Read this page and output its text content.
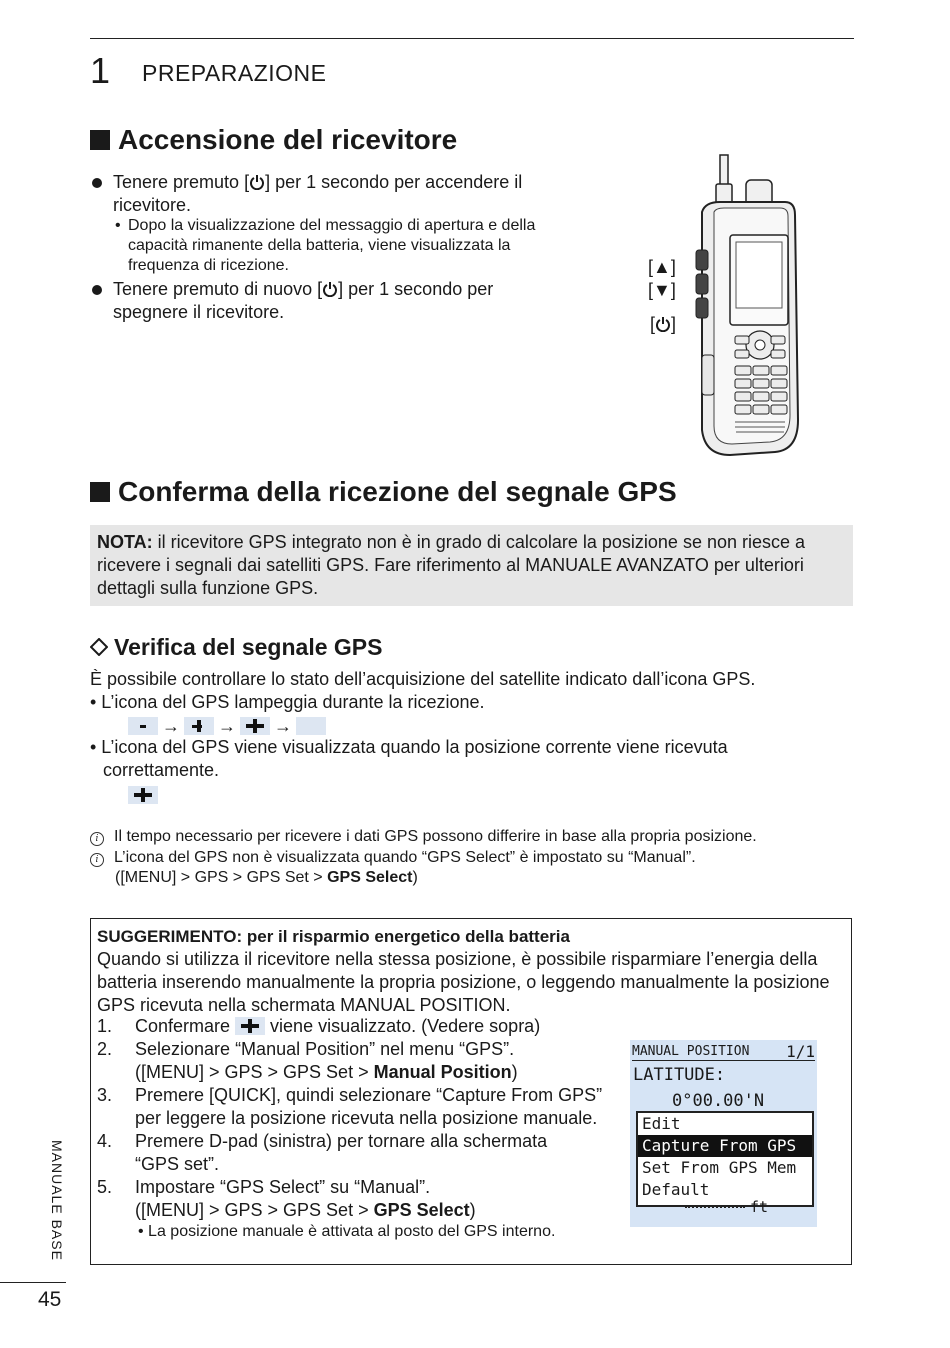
1 PREPARAZIONE
Accensione del ricevitore
Tenere premuto [ ] per 1 secondo per accendere il ricevitore.
• Dopo la visualizzazione del messaggio di apertura e della capacità rimanente della batteria, viene visualizzata la frequenza di ricezione.
Tenere premuto di nuovo [ ] per 1 secondo per spegnere il ricevitore.
[▲]
[▼]
[ ]
Conferma della ricezione del segnale GPS
NOTA: il ricevitore GPS integrato non è in grado di calcolare la posizione se non riesce a ricevere i segnali dai satelliti GPS. Fare riferimento al MANUALE AVANZATO per ulteriori dettagli sulla funzione GPS.
Verifica del segnale GPS
È possibile controllare lo stato dell’acquisizione del satellite indicato dall’icona GPS.
• L’icona del GPS lampeggia durante la ricezione.
→ → →
• L’icona del GPS viene visualizzata quando la posizione corrente viene ricevuta correttamente.
i Il tempo necessario per ricevere i dati GPS possono differire in base alla propria posizione.
i L’icona del GPS non è visualizzata quando “GPS Select” è impostato su “Manual”.
([MENU] > GPS > GPS Set > GPS Select)
SUGGERIMENTO: per il risparmio energetico della batteria
Quando si utilizza il ricevitore nella stessa posizione, è possibile risparmiare l’energia della batteria inserendo manualmente la propria posizione, o leggendo manualmente la posizione GPS ricevuta nella schermata MANUAL POSITION.
1. Confermare
viene visualizzato. (Vedere sopra)
2. Selezionare “Manual Position” nel menu “GPS”.
([MENU] > GPS > GPS Set > Manual Position)
3. Premere [QUICK], quindi selezionare “Capture From GPS” per leggere la posizione ricevuta nella posizione manuale.
4. Premere D-pad (sinistra) per tornare alla schermata “GPS set”.
5. Impostare “GPS Select” su “Manual”.
([MENU] > GPS > GPS Set > GPS Select)
• La posizione manuale è attivata al posto del GPS interno.
MANUAL POSITION 1/1
LATITUDE:
0°00.00'N
Edit
Capture From GPS
Set From GPS Mem
Default
ft
MANUALE BASE
45
